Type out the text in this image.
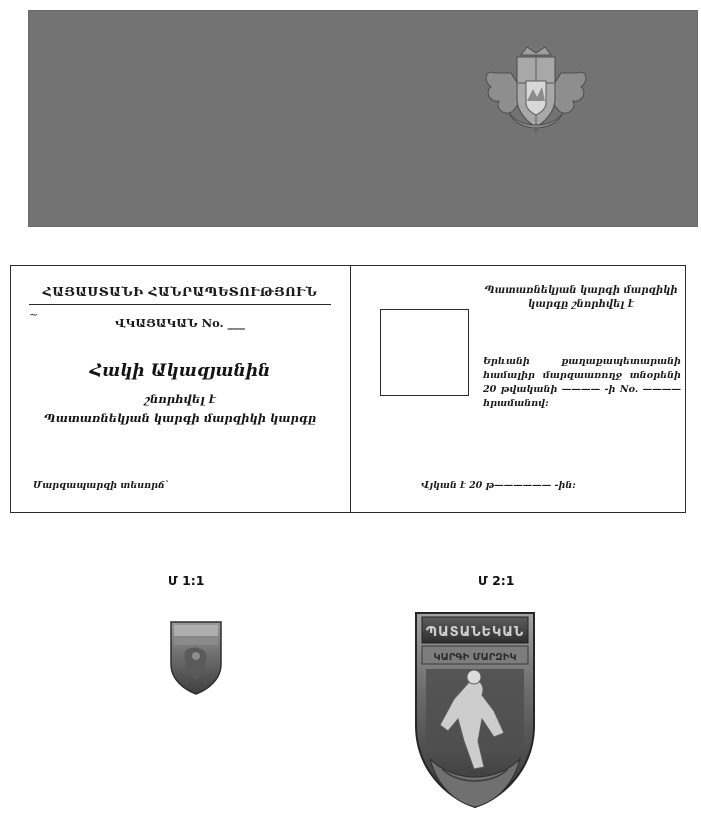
ՀԱՅԱՍՏԱՆԻ ՀԱՆՐԱՊԵՏՈՒԹՅՈՒՆ
~
ՎԿԱՅԱԿԱՆ No. ___
Հակի Ակազյանին
շնորհվել է
Պատառնեկյան կարգի մարզիկի կարգը
Մարզապարզի տեսորճ`
Պատառնեկյան կարգի մարզիկի
կարգը շնորհվել է
Երևանի քաղաքապետարանի համալիր մարզաառողջ տնօրենի 20 թվականի ———— -ի No. ———— հրամանով:
Վյկան է 20 թ—————— -ին:
Մ 1:1	Մ 2:1
ՊԱՏԱՆԵԿԱՆ
ԿԱՐԳԻ ՄԱՐԶԻԿ
